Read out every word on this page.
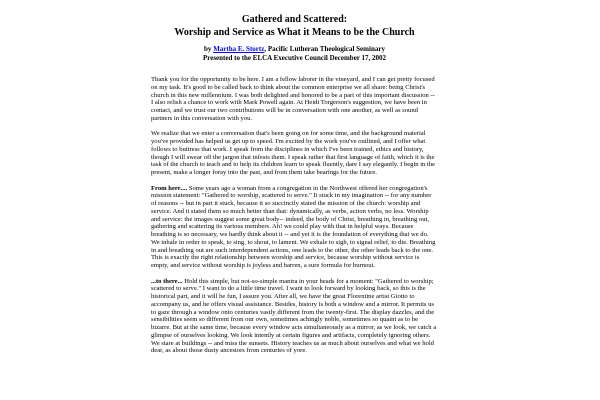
Gathered and Scattered:
Worship and Service as What it Means to be the Church
by Martha E. Stortz, Pacific Lutheran Theological Seminary
Presented to the ELCA Executive Council December 17, 2002

Thank you for the opportunity to be here. I am a fellow laborer in the vineyard, and I can get pretty focused on my task. It's good to be called back to think about the common enterprise we all share: being Christ's church in this new millennium. I was both delighted and honored to be a part of this important discussion -- I also relish a chance to work with Mark Powell again. At Heidi Torgerson's suggestion, we have been in contact, and we trust our two contributions will be in conversation with one another, as well as sound partners in this conversation with you.

We realize that we enter a conversation that's been going on for some time, and the background material you've provided has helped us get up to speed. I'm excited by the work you've outlined, and I offer what follows to buttress that work. I speak from the disciplines in which I've been trained, ethics and history, though I will swear off the jargon that infests them. I speak rather that first language of faith, which it is the task of the church to teach and to help its children learn to speak fluently, dare I say elegantly. I begin in the present, make a longer foray into the past, and from them take bearings for the future.

From here.... Some years ago a woman from a congregation in the Northwest offered her congregation's mission statement: "Gathered to worship, scattered to serve." It stuck in my imagination -- for any number of reasons -- but in part it stuck, because it so succinctly stated the mission of the church: worship and service. And it stated them so much better than that: dynamically, as verbs, action verbs, no less. Worship and service: the images suggest some great body-- indeed, the body of Christ, breathing in, breathing out, gathering and scattering its various members. Ah! we could play with that in helpful ways. Because breathing is so necessary, we hardly think about it -- and yet it is the foundation of everything that we do. We inhale in order to speak, to sing, to shout, to lament. We exhale to sigh, to signal relief, to die. Breathing in and breathing out are such interdependent actions, one leads to the other, the other leads back to the one. This is exactly the right relationship between worship and service, because worship without service is empty, and service without worship is joyless and barren, a sure formula for burnout.

...to there... Hold this simple, but not-so-simple mantra in your heads for a moment: "Gathered to worship; scattered to serve." I want to do a little time travel. I want to look forward by looking back, so this is the historical part, and it will be fun, I assure you. After all, we have the great Florentine artist Giotto to accompany us, and he offers visual assistance. Besides, history is both a window and a mirror. It permits us to gaze through a window onto centuries vastly different from the twenty-first. The display dazzles, and the sensibilities seem so different from our own, sometimes achingly noble, sometimes so quaint as to be bizarre. But at the same time, because every window acts simultaneously as a mirror, as we look, we catch a glimpse of ourselves looking. We look intently at certain figures and artifacts, completely ignoring others. We stare at buildings -- and miss the sunsets. History teaches us as much about ourselves and what we hold dear, as about those dusty ancestors from centuries of yore.
